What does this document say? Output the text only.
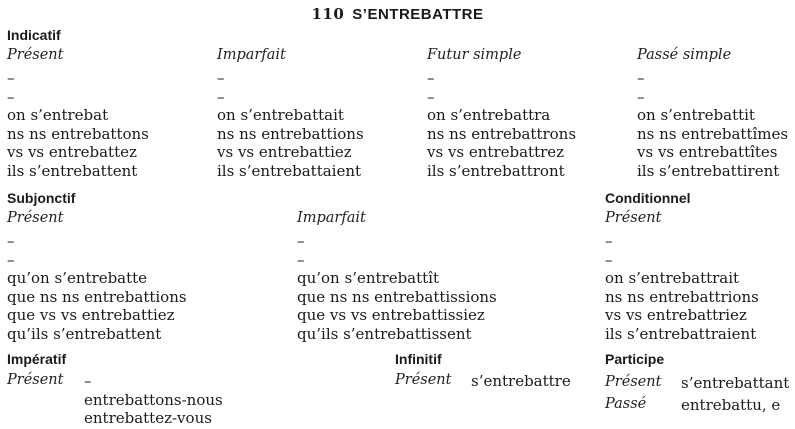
110 S’ENTREBATTRE
Indicatif
Présent
–
–
on s’entrebat
ns ns entrebattons
vs vs entrebattez
ils s’entrebattent
Imparfait
–
–
on s’entrebattait
ns ns entrebattions
vs vs entrebattiez
ils s’entrebattaient
Futur simple
–
–
on s’entrebattra
ns ns entrebattrons
vs vs entrebattrez
ils s’entrebattront
Passé simple
–
–
on s’entrebattit
ns ns entrebattîmes
vs vs entrebattîtes
ils s’entrebattirent
Subjonctif
Présent
–
–
qu’on s’entrebatte
que ns ns entrebattions
que vs vs entrebattiez
qu’ils s’entrebattent
Imparfait
–
–
qu’on s’entrebattît
que ns ns entrebattissions
que vs vs entrebattissiez
qu’ils s’entrebattissent
Conditionnel
Présent
–
–
on s’entrebattrait
ns ns entrebattrions
vs vs entrebattriez
ils s’entrebattraient
Impératif
Présent –
entrebattons-nous
entrebattez-vous
Infinitif
Présent s’entrebattre
Participe
Présent s’entrebattant
Passé entrebattu, e
